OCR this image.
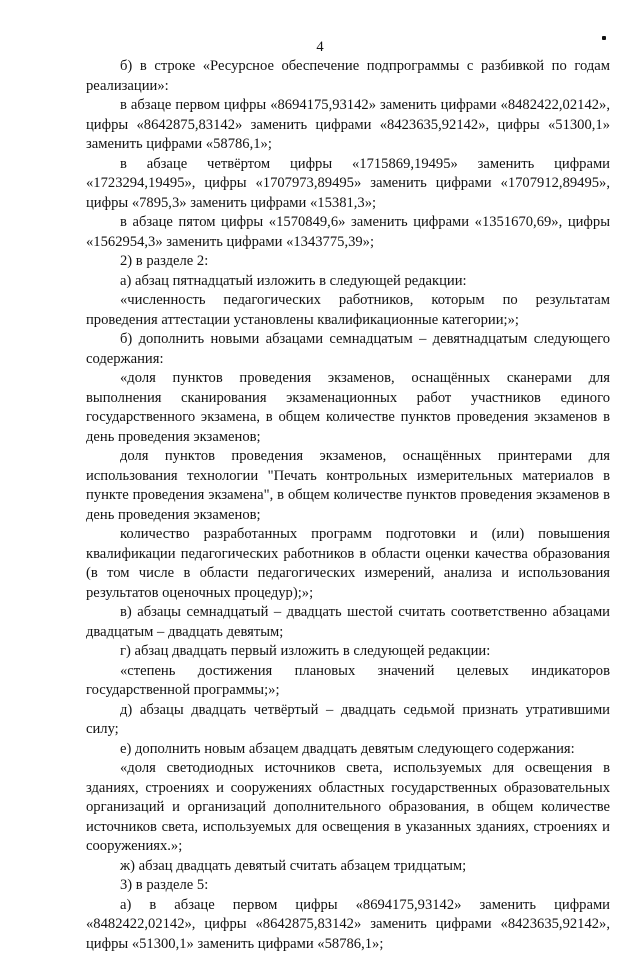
4

б) в строке «Ресурсное обеспечение подпрограммы с разбивкой по годам реализации»:

в абзаце первом цифры «8694175,93142» заменить цифрами «8482422,02142», цифры «8642875,83142» заменить цифрами «8423635,92142», цифры «51300,1» заменить цифрами «58786,1»;

в абзаце четвёртом цифры «1715869,19495» заменить цифрами «1723294,19495», цифры «1707973,89495» заменить цифрами «1707912,89495», цифры «7895,3» заменить цифрами «15381,3»;

в абзаце пятом цифры «1570849,6» заменить цифрами «1351670,69», цифры «1562954,3» заменить цифрами «1343775,39»;

2) в разделе 2:

а) абзац пятнадцатый изложить в следующей редакции:

«численность педагогических работников, которым по результатам проведения аттестации установлены квалификационные категории;»;

б) дополнить новыми абзацами семнадцатым – девятнадцатым следующего содержания:

«доля пунктов проведения экзаменов, оснащённых сканерами для выполнения сканирования экзаменационных работ участников единого государственного экзамена, в общем количестве пунктов проведения экзаменов в день проведения экзаменов;

доля пунктов проведения экзаменов, оснащённых принтерами для использования технологии "Печать контрольных измерительных материалов в пункте проведения экзамена", в общем количестве пунктов проведения экзаменов в день проведения экзаменов;

количество разработанных программ подготовки и (или) повышения квалификации педагогических работников в области оценки качества образования (в том числе в области педагогических измерений, анализа и использования результатов оценочных процедур);»;

в) абзацы семнадцатый – двадцать шестой считать соответственно абзацами двадцатым – двадцать девятым;

г) абзац двадцать первый изложить в следующей редакции:

«степень достижения плановых значений целевых индикаторов государственной программы;»;

д) абзацы двадцать четвёртый – двадцать седьмой признать утратившими силу;

е) дополнить новым абзацем двадцать девятым следующего содержания:

«доля светодиодных источников света, используемых для освещения в зданиях, строениях и сооружениях областных государственных образовательных организаций и организаций дополнительного образования, в общем количестве источников света, используемых для освещения в указанных зданиях, строениях и сооружениях.»;

ж) абзац двадцать девятый считать абзацем тридцатым;

3) в разделе 5:

а) в абзаце первом цифры «8694175,93142» заменить цифрами «8482422,02142», цифры «8642875,83142» заменить цифрами «8423635,92142», цифры «51300,1» заменить цифрами «58786,1»;
